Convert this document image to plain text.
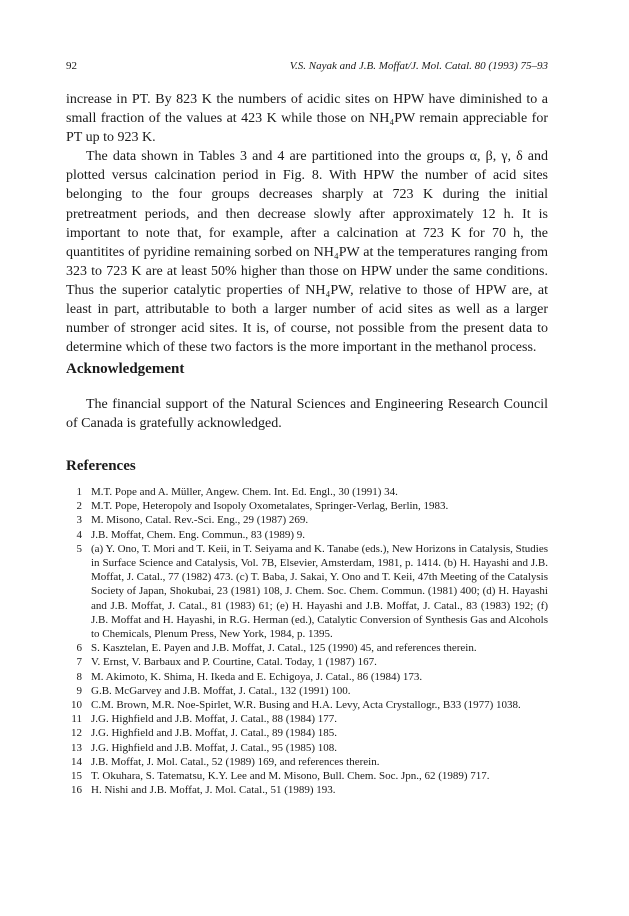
92	V.S. Nayak and J.B. Moffat/J. Mol. Catal. 80 (1993) 75–93
increase in PT. By 823 K the numbers of acidic sites on HPW have diminished to a small fraction of the values at 423 K while those on NH₄PW remain appreciable for PT up to 923 K.
The data shown in Tables 3 and 4 are partitioned into the groups α, β, γ, δ and plotted versus calcination period in Fig. 8. With HPW the number of acid sites belonging to the four groups decreases sharply at 723 K during the initial pretreatment periods, and then decrease slowly after approximately 12 h. It is important to note that, for example, after a calcination at 723 K for 70 h, the quantitites of pyridine remaining sorbed on NH₄PW at the temperatures ranging from 323 to 723 K are at least 50% higher than those on HPW under the same conditions. Thus the superior catalytic properties of NH₄PW, relative to those of HPW are, at least in part, attributable to both a larger number of acid sites as well as a larger number of stronger acid sites. It is, of course, not possible from the present data to determine which of these two factors is the more important in the methanol process.
Acknowledgement

The financial support of the Natural Sciences and Engineering Research Council of Canada is gratefully acknowledged.

References
1 M.T. Pope and A. Müller, Angew. Chem. Int. Ed. Engl., 30 (1991) 34.
2 M.T. Pope, Heteropoly and Isopoly Oxometalates, Springer-Verlag, Berlin, 1983.
3 M. Misono, Catal. Rev.-Sci. Eng., 29 (1987) 269.
4 J.B. Moffat, Chem. Eng. Commun., 83 (1989) 9.
5 (a) Y. Ono, T. Mori and T. Keii, in T. Seiyama and K. Tanabe (eds.), New Horizons in Catalysis, Studies in Surface Science and Catalysis, Vol. 7B, Elsevier, Amsterdam, 1981, p. 1414. (b) H. Hayashi and J.B. Moffat, J. Catal., 77 (1982) 473. (c) T. Baba, J. Sakai, Y. Ono and T. Keii, 47th Meeting of the Catalysis Society of Japan, Shokubai, 23 (1981) 108, J. Chem. Soc. Chem. Commun. (1981) 400; (d) H. Hayashi and J.B. Moffat, J. Catal., 81 (1983) 61; (e) H. Hayashi and J.B. Moffat, J. Catal., 83 (1983) 192; (f) J.B. Moffat and H. Hayashi, in R.G. Herman (ed.), Catalytic Conversion of Synthesis Gas and Alcohols to Chemicals, Plenum Press, New York, 1984, p. 1395.
6 S. Kasztelan, E. Payen and J.B. Moffat, J. Catal., 125 (1990) 45, and references therein.
7 V. Ernst, V. Barbaux and P. Courtine, Catal. Today, 1 (1987) 167.
8 M. Akimoto, K. Shima, H. Ikeda and E. Echigoya, J. Catal., 86 (1984) 173.
9 G.B. McGarvey and J.B. Moffat, J. Catal., 132 (1991) 100.
10 C.M. Brown, M.R. Noe-Spirlet, W.R. Busing and H.A. Levy, Acta Crystallogr., B33 (1977) 1038.
11 J.G. Highfield and J.B. Moffat, J. Catal., 88 (1984) 177.
12 J.G. Highfield and J.B. Moffat, J. Catal., 89 (1984) 185.
13 J.G. Highfield and J.B. Moffat, J. Catal., 95 (1985) 108.
14 J.B. Moffat, J. Mol. Catal., 52 (1989) 169, and references therein.
15 T. Okuhara, S. Tatematsu, K.Y. Lee and M. Misono, Bull. Chem. Soc. Jpn., 62 (1989) 717.
16 H. Nishi and J.B. Moffat, J. Mol. Catal., 51 (1989) 193.
